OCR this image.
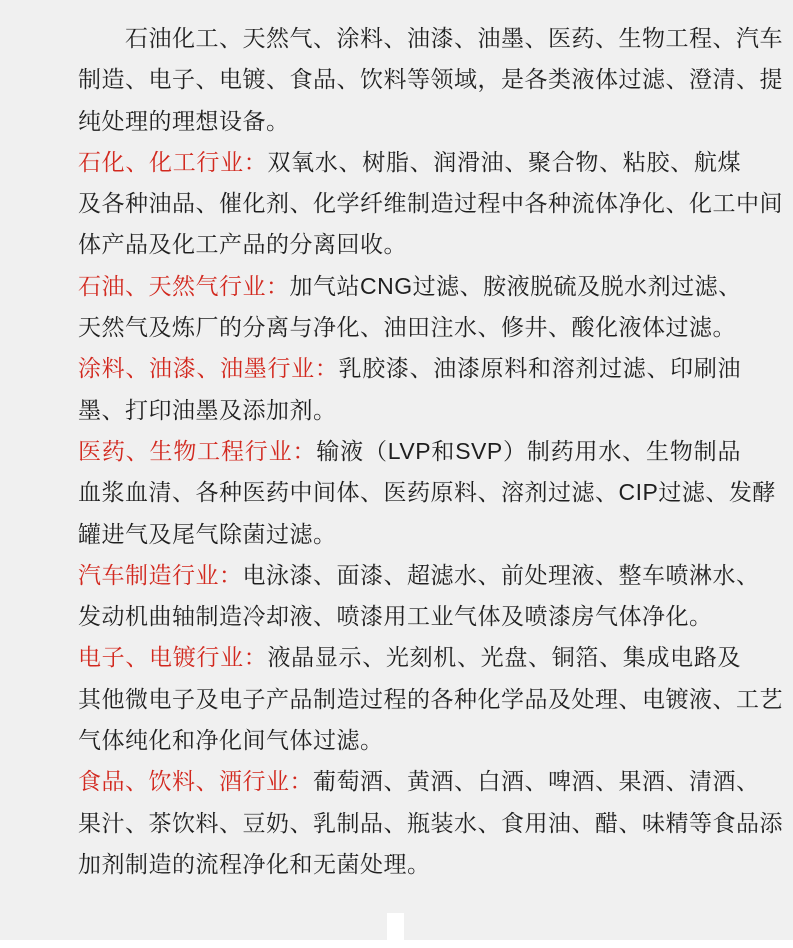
石油化工、天然气、涂料、油漆、油墨、医药、生物工程、汽车
制造、电子、电镀、食品、饮料等领域，是各类液体过滤、澄清、提
纯处理的理想设备。
石化、化工行业：双氧水、树脂、润滑油、聚合物、粘胶、航煤
及各种油品、催化剂、化学纤维制造过程中各种流体净化、化工中间
体产品及化工产品的分离回收。
石油、天然气行业：加气站CNG过滤、胺液脱硫及脱水剂过滤、
天然气及炼厂的分离与净化、油田注水、修井、酸化液体过滤。
涂料、油漆、油墨行业：乳胶漆、油漆原料和溶剂过滤、印刷油
墨、打印油墨及添加剂。
医药、生物工程行业：输液（LVP和SVP）制药用水、生物制品
血浆血清、各种医药中间体、医药原料、溶剂过滤、CIP过滤、发酵
罐进气及尾气除菌过滤。
汽车制造行业：电泳漆、面漆、超滤水、前处理液、整车喷淋水、
发动机曲轴制造冷却液、喷漆用工业气体及喷漆房气体净化。
电子、电镀行业：液晶显示、光刻机、光盘、铜箔、集成电路及
其他微电子及电子产品制造过程的各种化学品及处理、电镀液、工艺
气体纯化和净化间气体过滤。
食品、饮料、酒行业：葡萄酒、黄酒、白酒、啤酒、果酒、清酒、
果汁、茶饮料、豆奶、乳制品、瓶装水、食用油、醋、味精等食品添
加剂制造的流程净化和无菌处理。
